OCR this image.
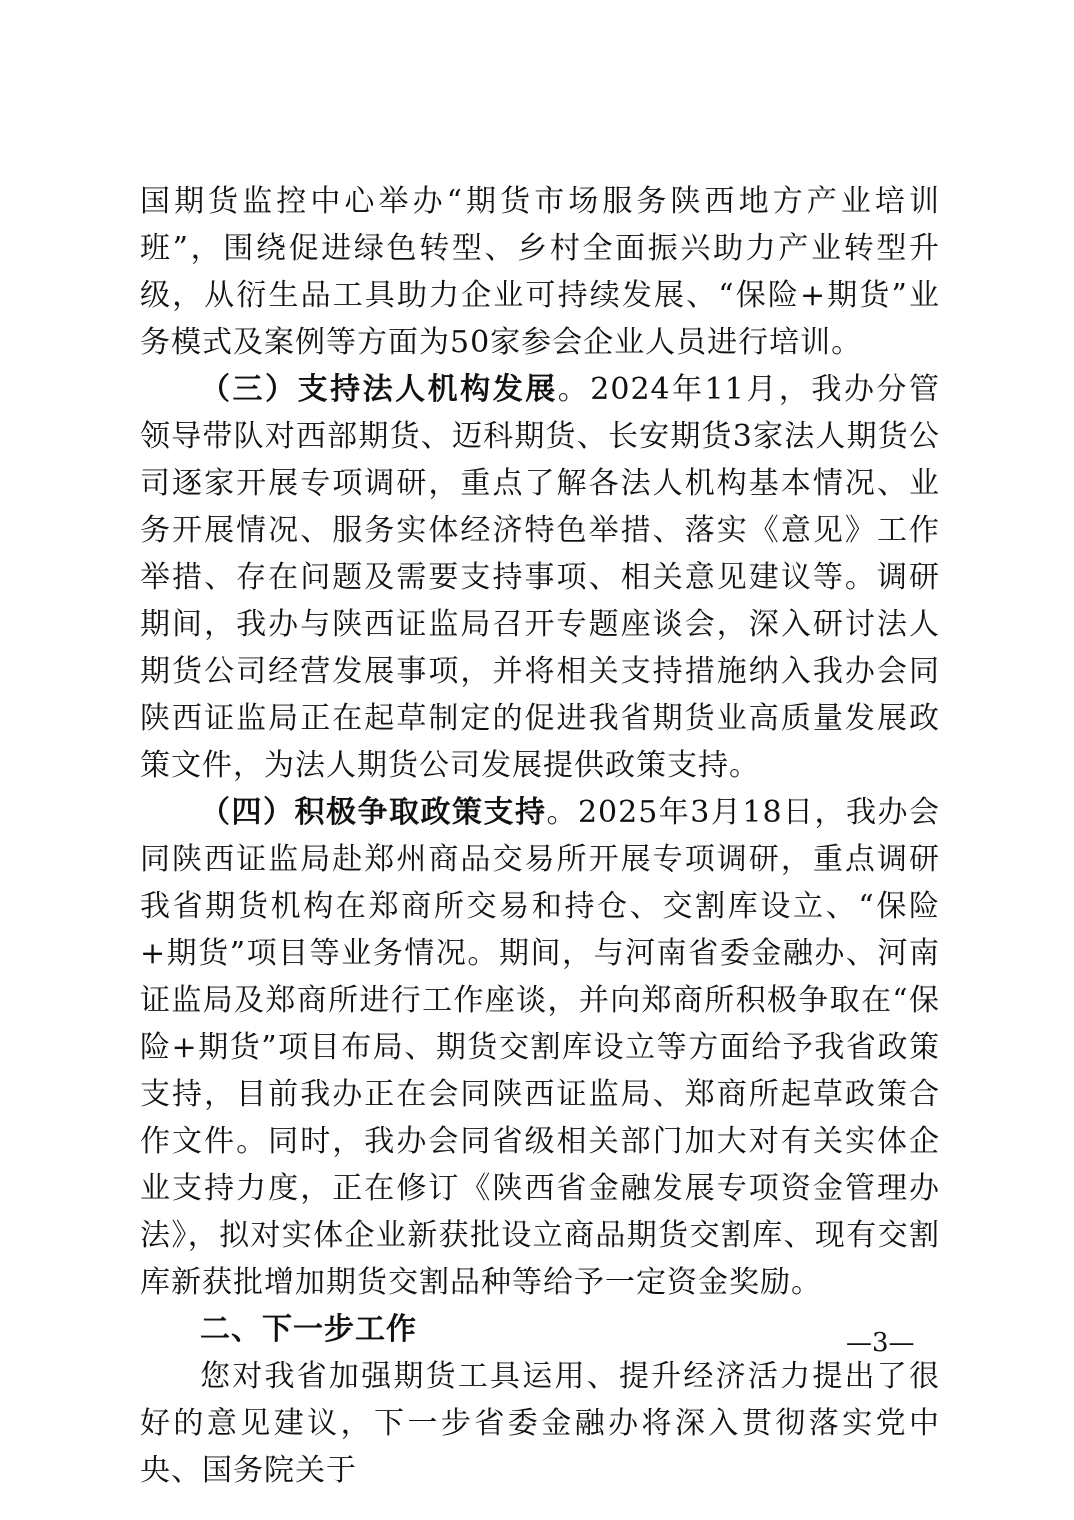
国期货监控中心举办“期货市场服务陕西地方产业培训班”，围绕促进绿色转型、乡村全面振兴助力产业转型升级，从衍生品工具助力企业可持续发展、“保险+期货”业务模式及案例等方面为50家参会企业人员进行培训。

（三）支持法人机构发展。2024年11月，我办分管领导带队对西部期货、迈科期货、长安期货3家法人期货公司逐家开展专项调研，重点了解各法人机构基本情况、业务开展情况、服务实体经济特色举措、落实《意见》工作举措、存在问题及需要支持事项、相关意见建议等。调研期间，我办与陕西证监局召开专题座谈会，深入研讨法人期货公司经营发展事项，并将相关支持措施纳入我办会同陕西证监局正在起草制定的促进我省期货业高质量发展政策文件，为法人期货公司发展提供政策支持。

（四）积极争取政策支持。2025年3月18日，我办会同陕西证监局赴郑州商品交易所开展专项调研，重点调研我省期货机构在郑商所交易和持仓、交割库设立、“保险+期货”项目等业务情况。期间，与河南省委金融办、河南证监局及郑商所进行工作座谈，并向郑商所积极争取在“保险+期货”项目布局、期货交割库设立等方面给予我省政策支持，目前我办正在会同陕西证监局、郑商所起草政策合作文件。同时，我办会同省级相关部门加大对有关实体企业支持力度，正在修订《陕西省金融发展专项资金管理办法》，拟对实体企业新获批设立商品期货交割库、现有交割库新获批增加期货交割品种等给予一定资金奖励。

二、下一步工作

您对我省加强期货工具运用、提升经济活力提出了很好的意见建议，下一步省委金融办将深入贯彻落实党中央、国务院关于

—3—
